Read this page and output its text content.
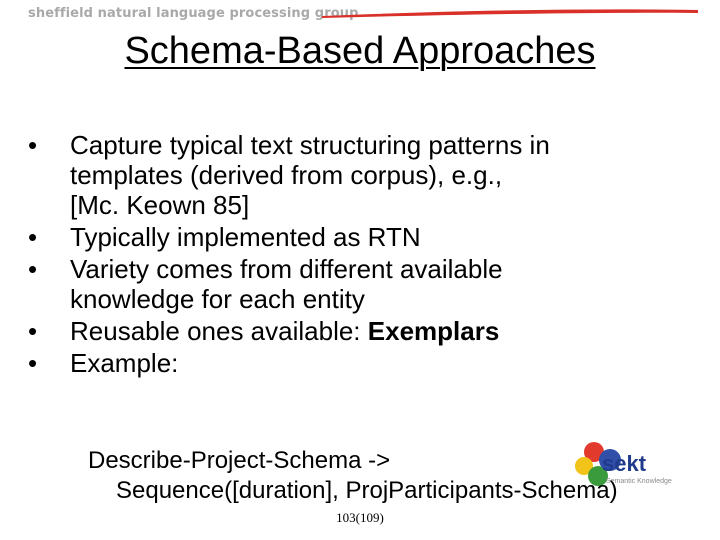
sheffield natural language processing group
Schema-Based Approaches
• Capture typical text structuring patterns in
templates (derived from corpus), e.g.,
[Mc. Keown 85]
• Typically implemented as RTN
• Variety comes from different available
knowledge for each entity
• Reusable ones available: Exemplars
• Example:
sekt
Semantic Knowledge
Describe-Project-Schema ->
Sequence([duration], ProjParticipants-Schema)
103(109)
